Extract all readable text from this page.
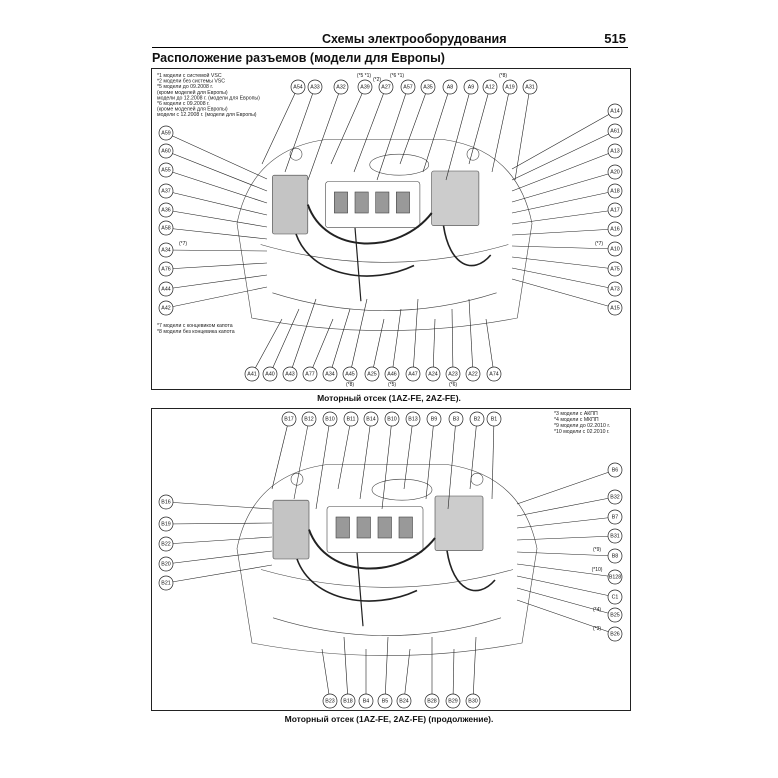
Схемы электрооборудования	515
Расположение разъемов (модели для Европы)
*1 модели с системой VSC
*2 модели без системы VSC
*5 модели до 09.2008 г.
(кроме моделей для Европы)
модели до 12.2008 г. (модели для Европы)
*6 модели с 09.2008 г.
(кроме моделей для Европы)
модели с 12.2008 г. (модели для Европы)
*7 модели с концевиком капота
*8 модели без концевика капота
A54 A33	A32	A39 A27 A57 A35	A8	A9 A12 A19 A31
(*5 *1)	(*6 *1)
(*2)
(*8)
A59
A60
A55
A37
A36
A58
A34
A76
A44
A42
A14
A61
A13
A20
A18
A17
A16
A10
A75
A73
A15
(*7)	(*7)
A41 A40 A43 A77 A34 A45 A25 A46 A47 A24 A23 A22 A74
(*8)	(*5)	(*6)
Моторный отсек (1AZ-FE, 2AZ-FE).
*3 модели с АКПП
*4 модели с МКПП
*9 модели до 02.2010 г.
*10 модели с 02.2010 г.
B17 B12 B10 B11 B14 B10 B13 B9	B3	B2 B1
B16
B19
B22
B20
B21
B6
B32
B7
B31
B8
B128
C1
B25
B26
(*9)
(*10)
(*4)
(*3)
B23 B18 B4 B5 B24	B28 B29 B30
Моторный отсек (1AZ-FE, 2AZ-FE) (продолжение).
